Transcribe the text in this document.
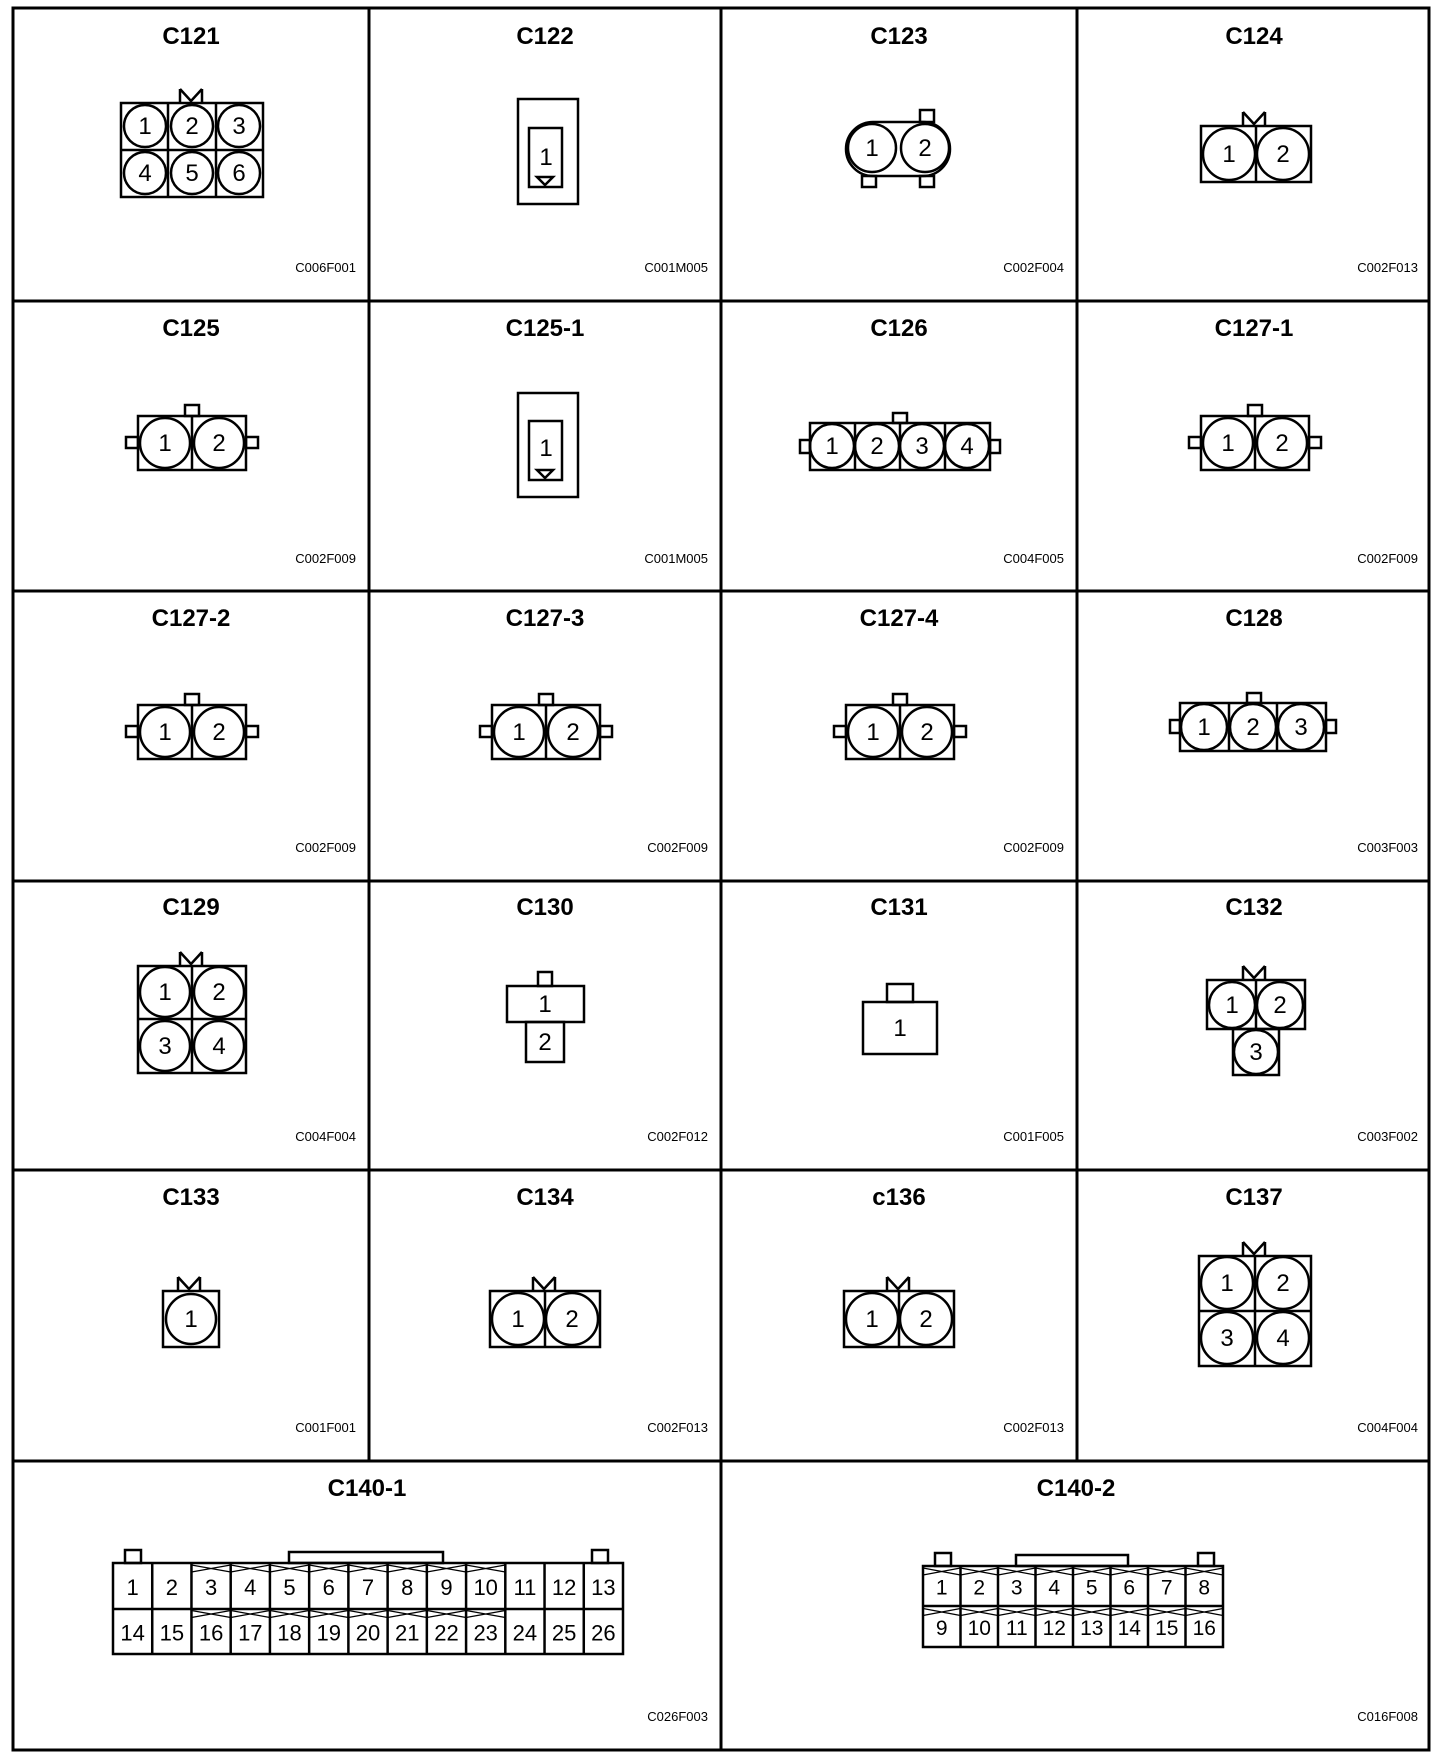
C121
C006F001
C122
C001M005
C123
C002F004
C124
C002F013
C125
C002F009
C125-1
C001M005
C126
C004F005
C127-1
C002F009
C127-2
C002F009
C127-3
C002F009
C127-4
C002F009
C128
C003F003
C129
C004F004
C130
C002F012
C131
C001F005
C132
C003F002
C133
C001F001
C134
C002F013
c136
C002F013
C137
C004F004
C140-1
C026F003
C140-2
C016F008
1 2 3
4 5 6
1	1 2	1 2
1 2	1	1 2 3 4	1 2
1 2	1 2	1 2	1 2 3
1 2
3 4
1
2
1
1 2
3
1	1 2	1 2
1 2
3 4
1 2 3 4 5 6 7 8 9 10 11 12 13
14 15 16 17 18 19 20 21 22 23 24 25 26
1 2 3 4 5 6 7 8
9 10 11 12 13 14 15 16
